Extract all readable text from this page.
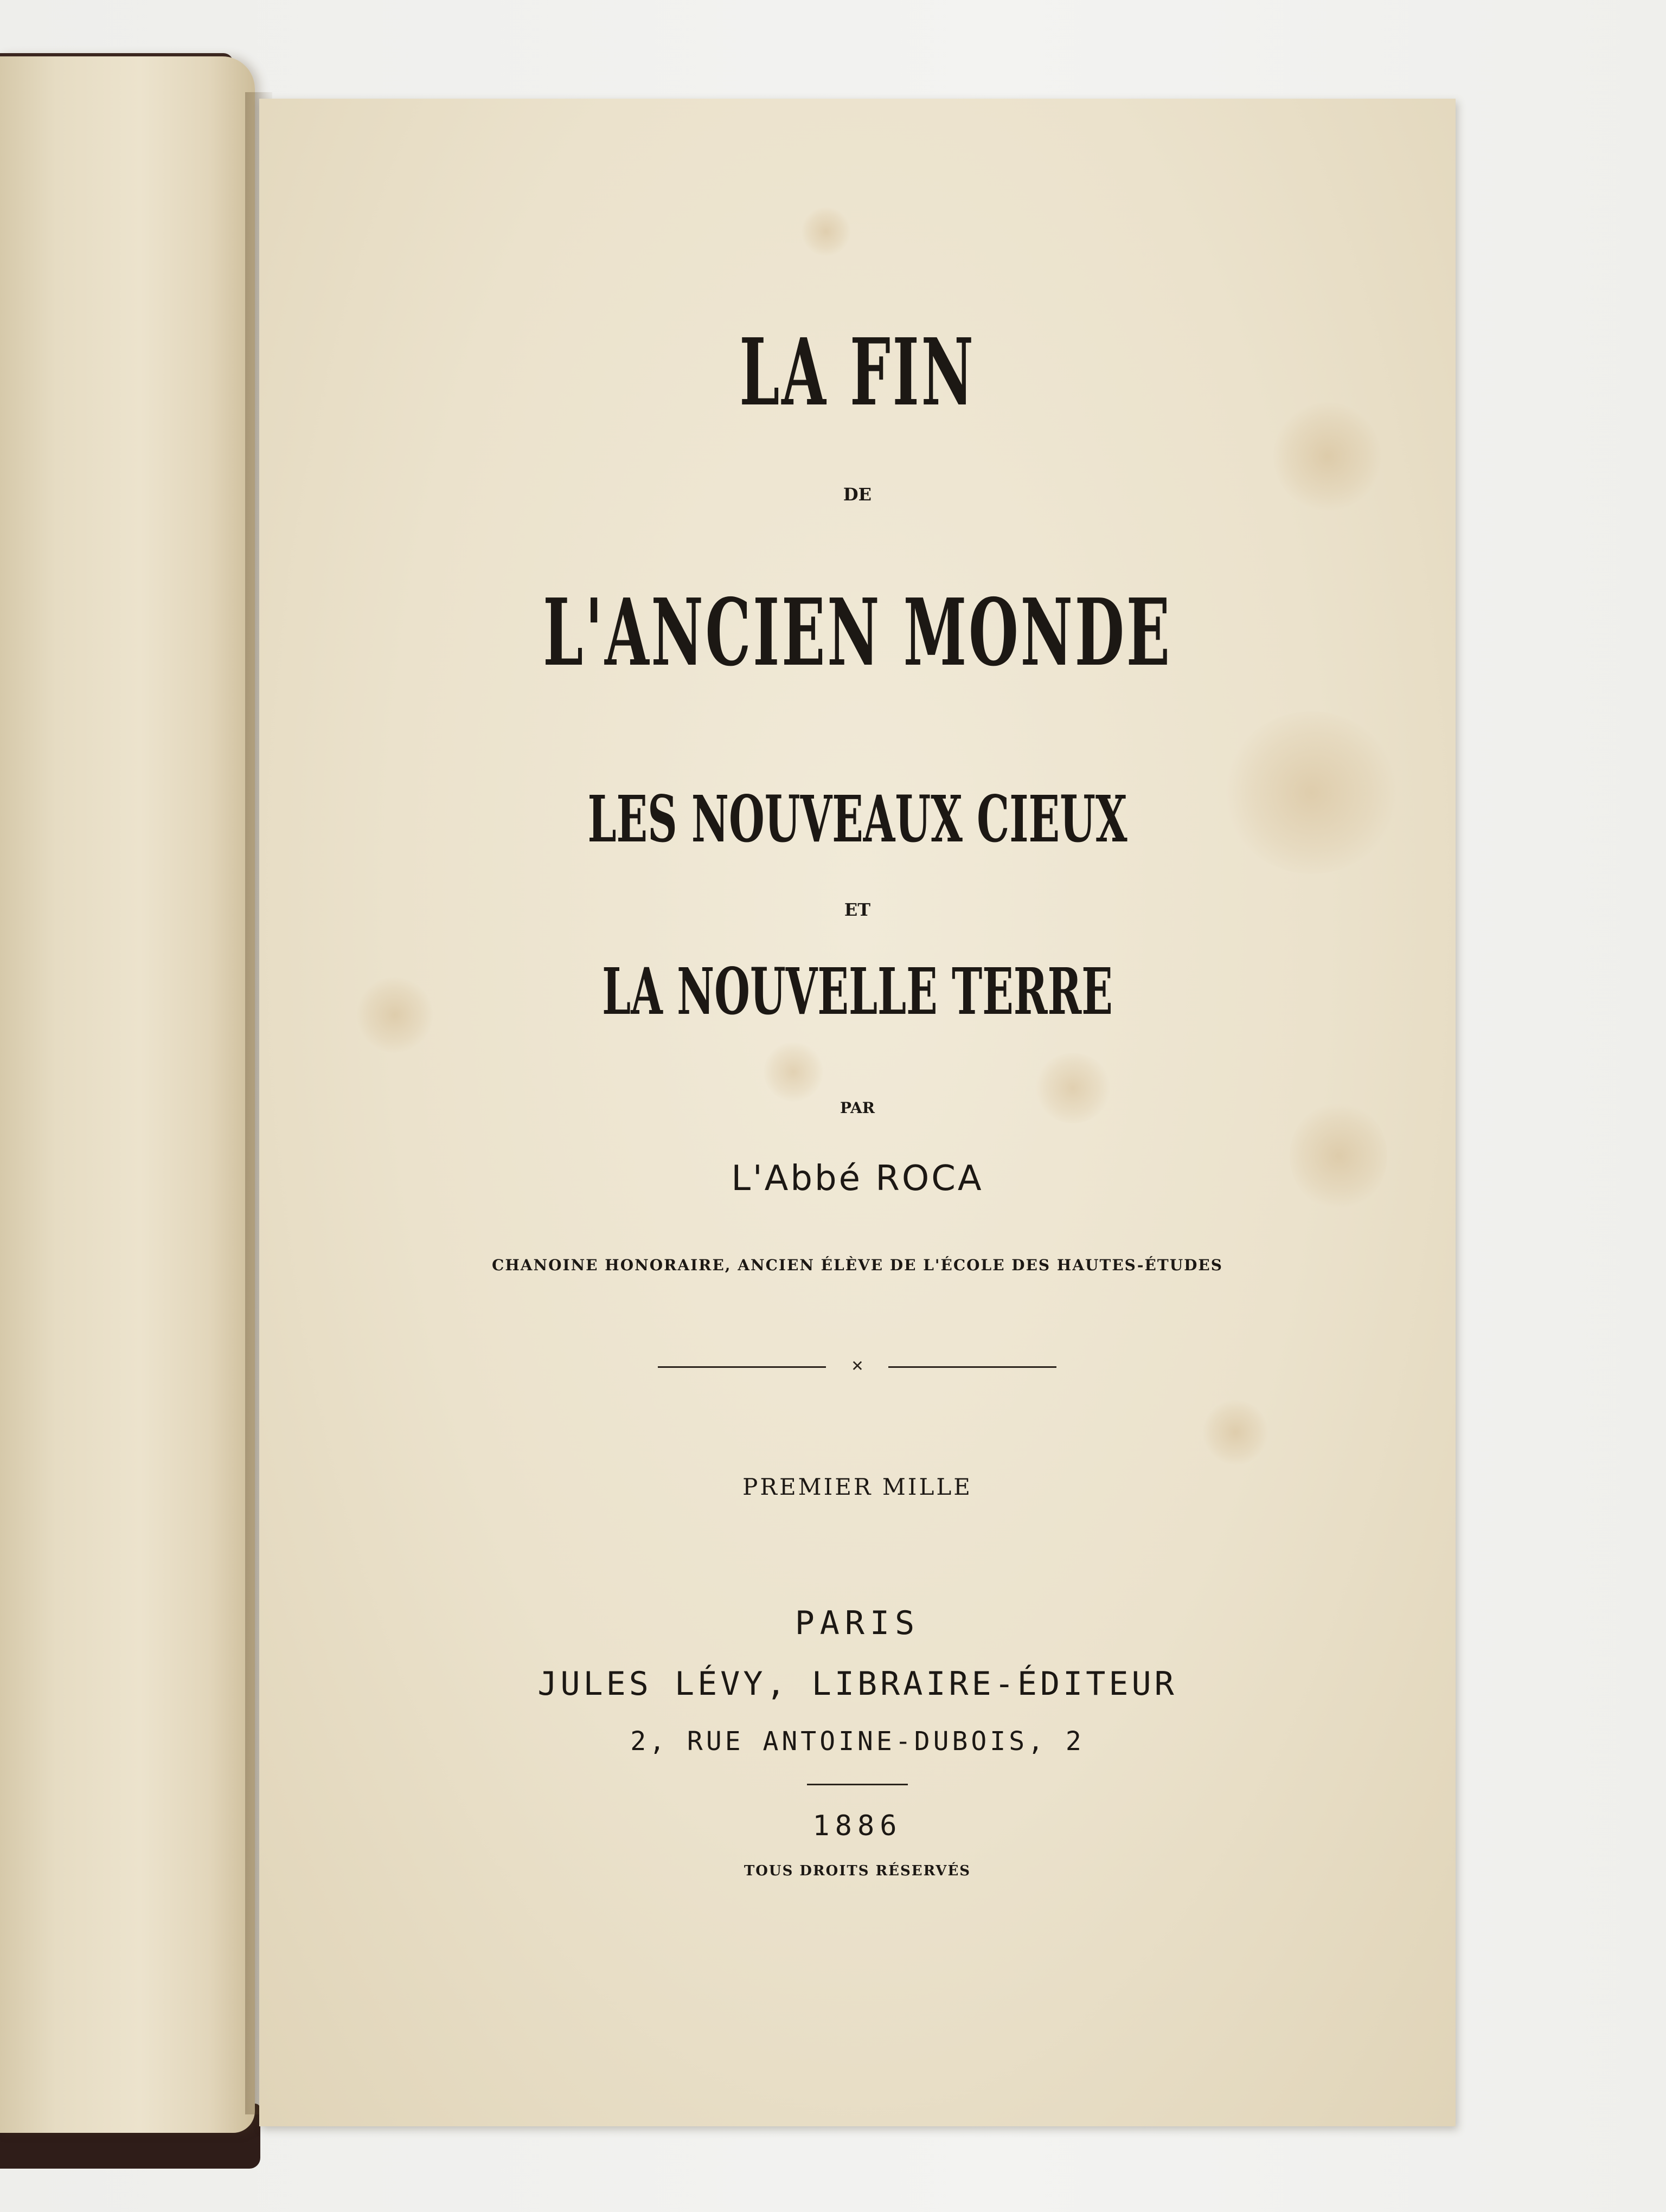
LA FIN
DE
L'ANCIEN MONDE
LES NOUVEAUX CIEUX
ET
LA NOUVELLE TERRE
PAR
L'Abbé ROCA
CHANOINE HONORAIRE, ANCIEN ÉLÈVE DE L'ÉCOLE DES HAUTES-ÉTUDES
✕
PREMIER MILLE
PARIS
JULES LÉVY, LIBRAIRE-ÉDITEUR
2, RUE ANTOINE-DUBOIS, 2
1886
TOUS DROITS RÉSERVÉS
